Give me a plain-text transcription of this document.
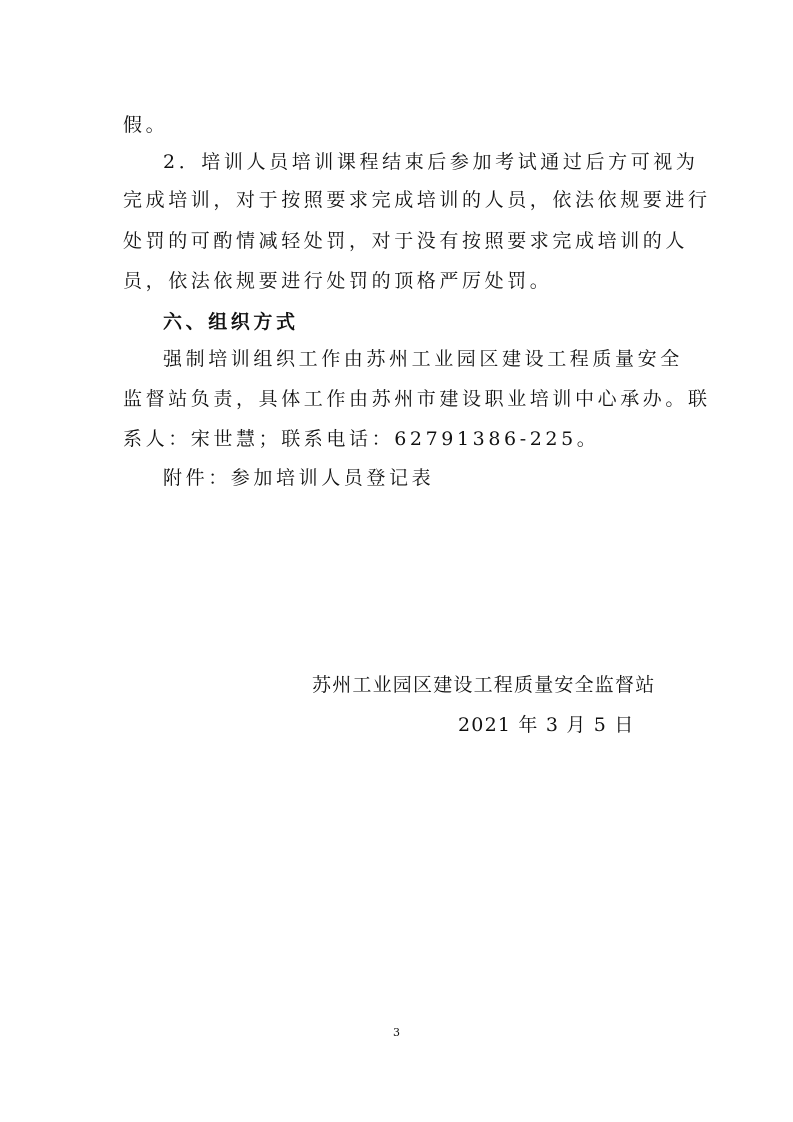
假。
2．培训人员培训课程结束后参加考试通过后方可视为
完成培训，对于按照要求完成培训的人员，依法依规要进行
处罚的可酌情减轻处罚，对于没有按照要求完成培训的人
员，依法依规要进行处罚的顶格严厉处罚。
六、组织方式
强制培训组织工作由苏州工业园区建设工程质量安全
监督站负责，具体工作由苏州市建设职业培训中心承办。联
系人：宋世慧；联系电话：62791386-225。
附件：参加培训人员登记表
苏州工业园区建设工程质量安全监督站
2021 年 3 月 5 日
3
